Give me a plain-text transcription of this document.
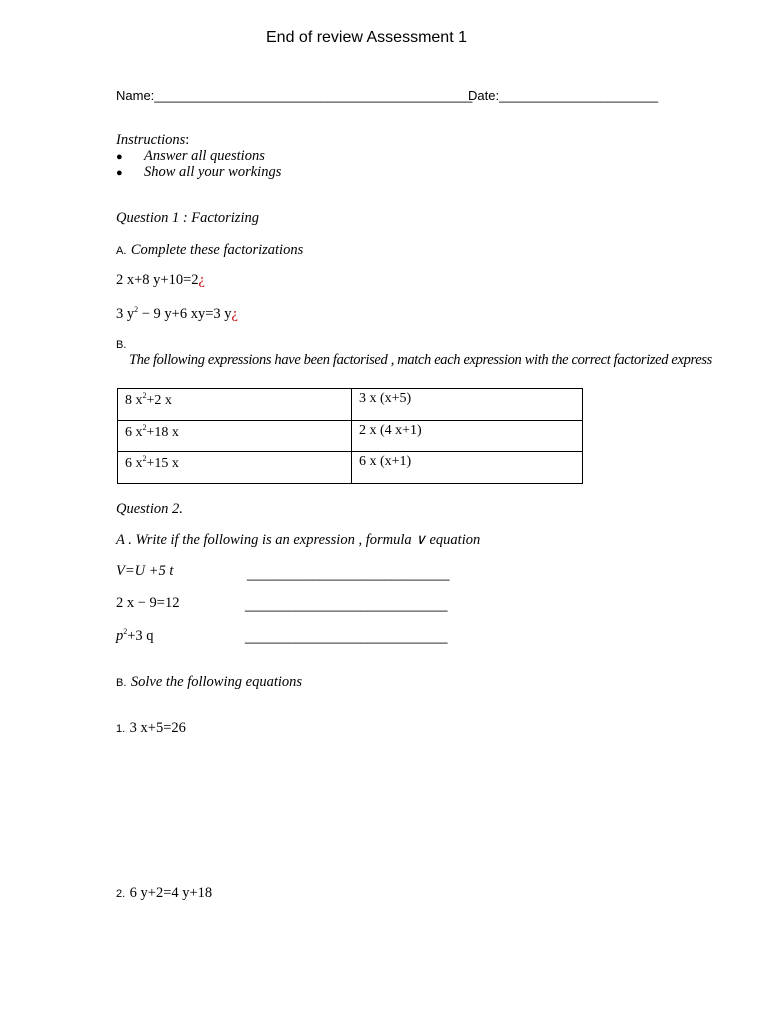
End of review Assessment 1
Name:____________________________________________
Date:______________________
Instructions:
● Answer all questions
● Show all your workings
Question 1 : Factorizing
A. Complete these factorizations
2 x+8 y+10=2¿
3 $y^2 - 9$ y+6 xy=3 y¿
B.
The following expressions have been factorised , match each expression with the correct factorized express
8 $x^2+2$ x	3 x (x+5)
6 $x^2+18$ x	2 x (4 x+1)
6 $x^2+15$ x	6 x (x+1)
Question 2.
A . Write if the following is an expression , formula ∨ equation
V=U +5 t	____________________________
2 x − 9=12	____________________________
$p^2+3$ q	____________________________
B. Solve the following equations
1. 3 x+5=26
2. 6 y+2=4 y+18
